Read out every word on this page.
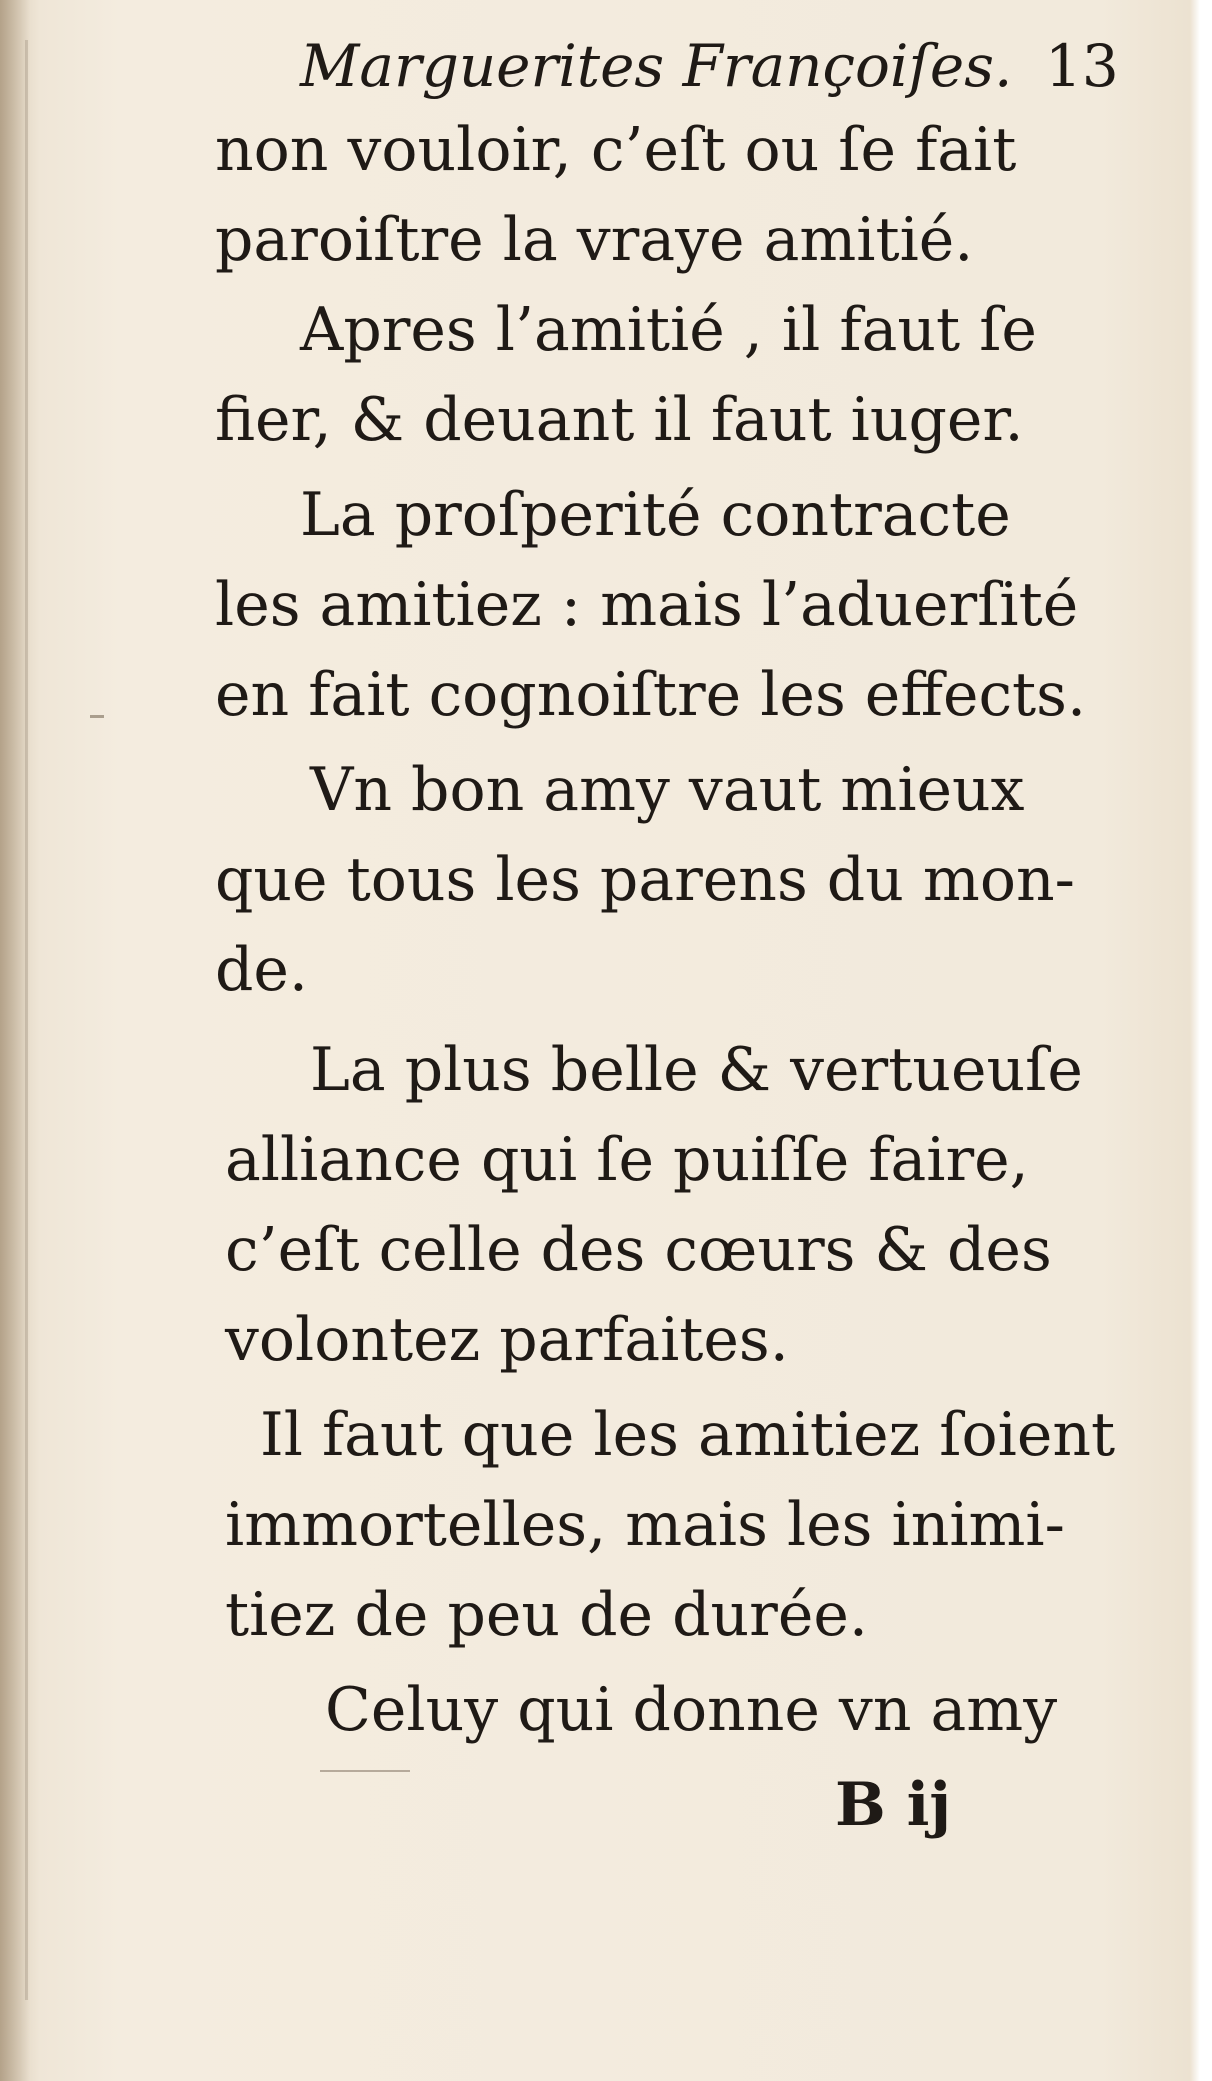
Marguerites Françoiſes. 13
non vouloir, c’eſt ou ſe fait
paroiſtre la vraye amitié.
Apres l’amitié , il faut ſe
fier, & deuant il faut iuger.
La proſperité contracte
les amitiez : mais l’aduerſité
en fait cognoiſtre les effects.
Vn bon amy vaut mieux
que tous les parens du mon-
de.
La plus belle & vertueuſe
alliance qui ſe puiſſe faire,
c’eſt celle des cœurs & des
volontez parfaites.
Il faut que les amitiez ſoient
immortelles, mais les inimi-
tiez de peu de durée.
Celuy qui donne vn amy
B ij
